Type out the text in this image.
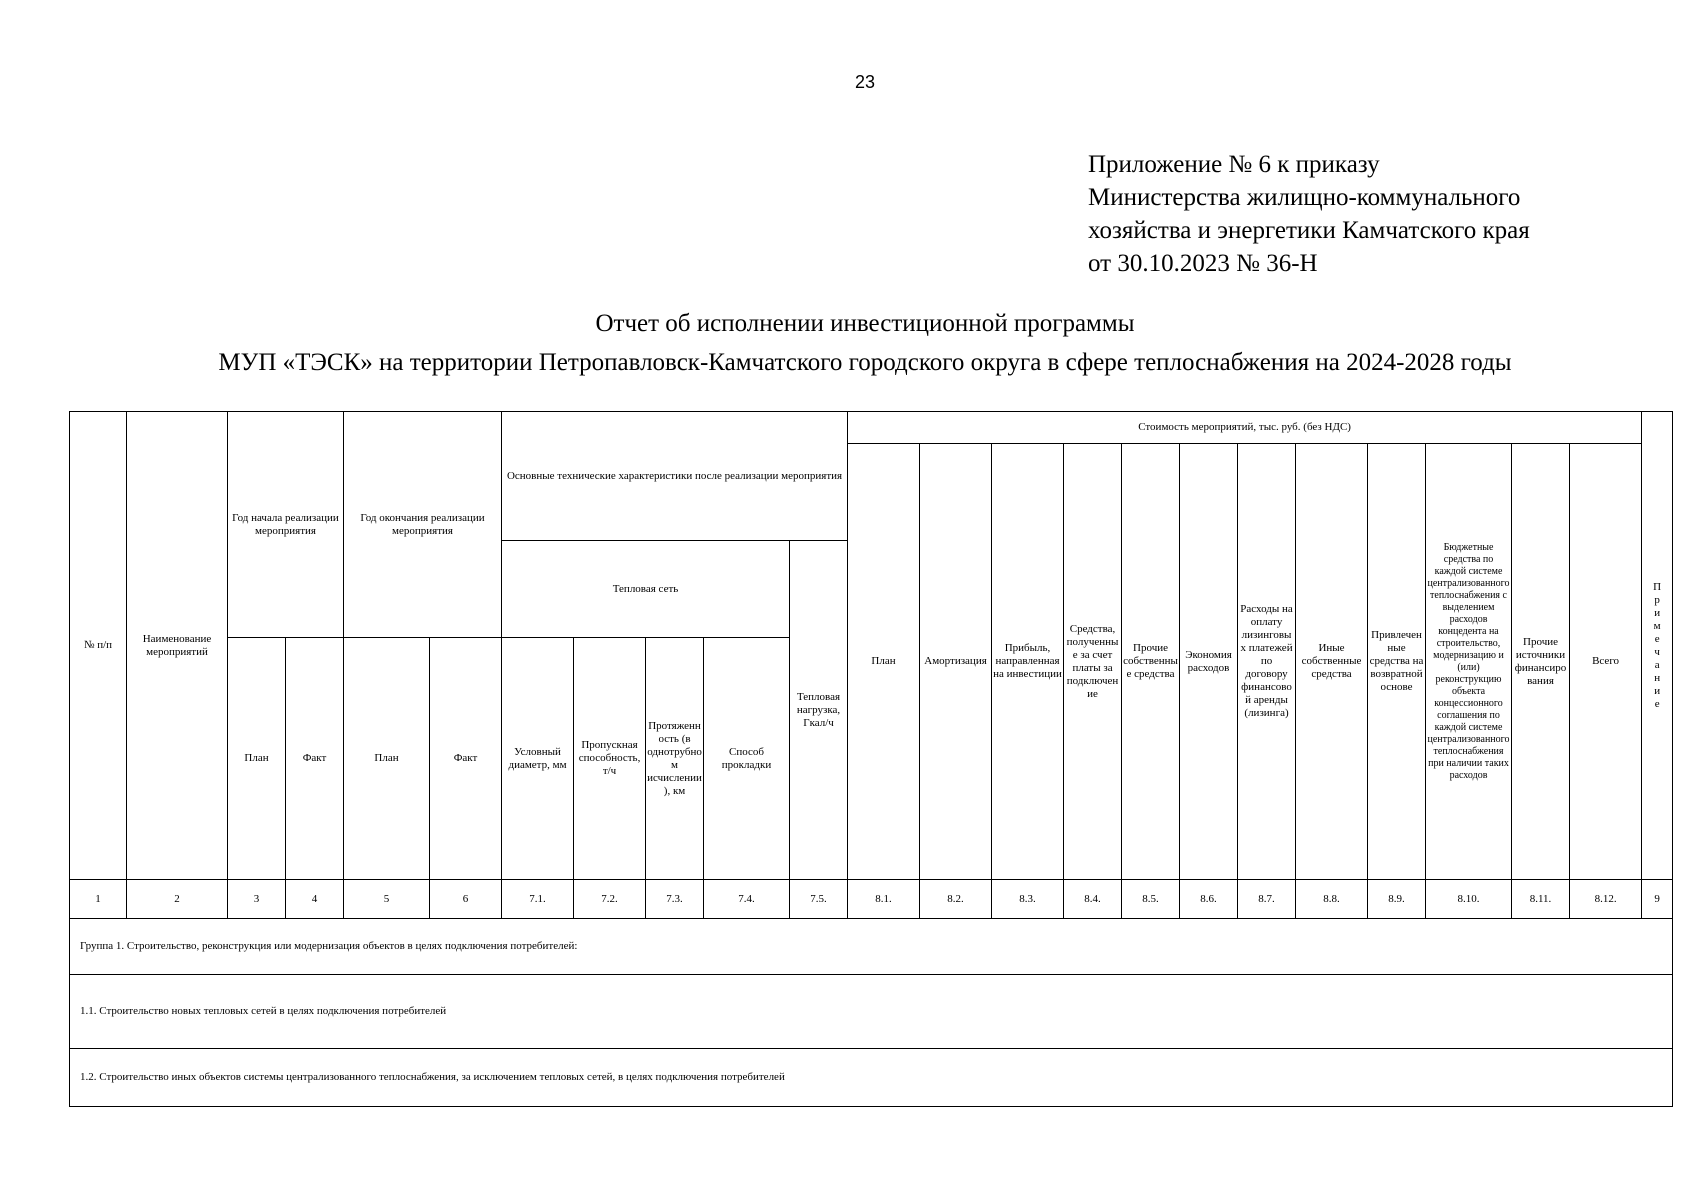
23
Приложение № 6 к приказу
Министерства жилищно-коммунального
хозяйства и энергетики Камчатского края
от 30.10.2023 № 36-Н
Отчет об исполнении инвестиционной программы
МУП «ТЭСК» на территории Петропавловск-Камчатского городского округа в сфере теплоснабжения на 2024-2028 годы
№ п/п	Наименование мероприятий	Год начала реализации мероприятия		Год окончания реализации мероприятия		Основные технические характеристики после реализации мероприятия					Стоимость мероприятий, тыс. руб. (без НДС)												Примечание
											План	Амортизация	Прибыль, направленная на инвестиции	Средства, полученные за счет платы за подключение	Прочие собственные средства	Экономия расходов	Расходы на оплату лизинговых платежей по договору финансовой аренды (лизинга)	Иные собственные средства	Привлеченные средства на возвратной основе	Бюджетные средства по каждой системе централизованного теплоснабжения с выделением расходов концедента на строительство, модернизацию и (или) реконструкцию объекта концессионного соглашения по каждой системе централизованного теплоснабжения при наличии таких расходов	Прочие источники финансирования	Всего	
						Тепловая сеть				Тепловая нагрузка, Гкал/ч													
		План	Факт	План	Факт	Условный диаметр, мм	Пропускная способность, т/ч	Протяженность (в однотрубном исчислении), км	Способ прокладки														
1	2	3	4	5	6	7.1.	7.2.	7.3.	7.4.	7.5.	8.1.	8.2.	8.3.	8.4.	8.5.	8.6.	8.7.	8.8.	8.9.	8.10.	8.11.	8.12.	9
Группа 1. Строительство, реконструкция или модернизация объектов в целях подключения потребителей:																							
1.1. Строительство новых тепловых сетей в целях подключения потребителей																							
1.2. Строительство иных объектов системы централизованного теплоснабжения, за исключением тепловых сетей, в целях подключения потребителей																							
